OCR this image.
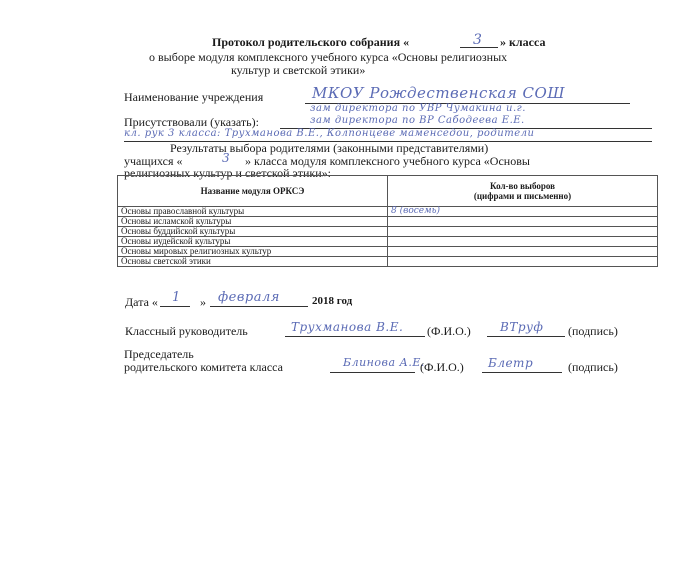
Протокол родительского собрания «	3 » класса
о выборе модуля комплексного учебного курса «Основы религиозных
культур и светской этики»
Наименование учреждения	МКОУ Рождественская СОШ
зам директора по УВР Чумакина и.г.
Присутствовали (указать):	зам директора по ВР Сабодеева Е.Е.
кл. рук 3 класса: Трухманова В.Е., Колпонцеве маменседои, родители
Результаты выбора родителями (законными представителями)
учащихся «	3 » класса модуля комплексного учебного курса «Основы
религиозных культур и светской этики»:
Название модуля ОРКСЭ	Кол-во выборов
(цифрами и письменно)

Основы православной культуры	8 (восемь)
Основы исламской культуры	
Основы буддийской культуры	
Основы иудейской культуры	
Основы мировых религиозных культур	
Основы светской этики	
Дата « 1 » февраля	2018 год
Классный руководитель	Трухманова В.Е. (Ф.И.О.) ВТруф (подпись)
Председатель
родительского комитета класса	Блинова А.Е.
(Ф.И.О.) Блетр	(подпись)
